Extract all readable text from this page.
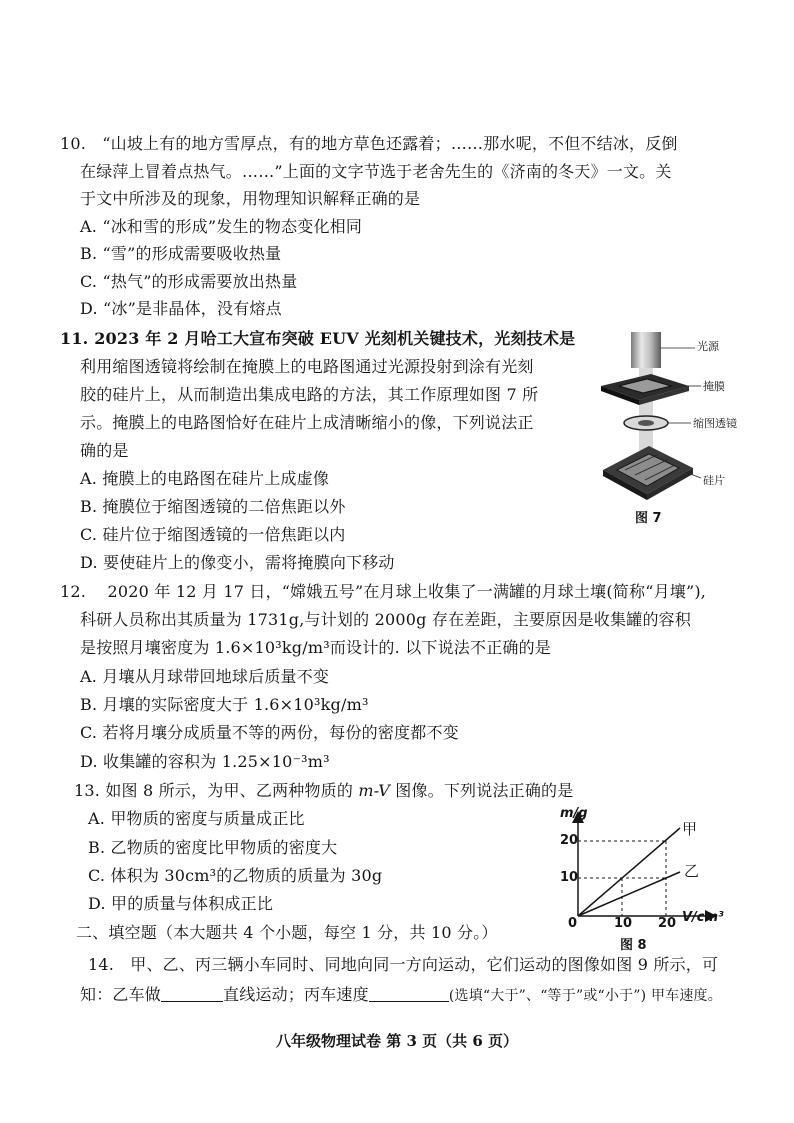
10.　“山坡上有的地方雪厚点，有的地方草色还露着；……那水呢，不但不结冰，反倒
在绿萍上冒着点热气。……”上面的文字节选于老舍先生的《济南的冬天》一文。关
于文中所涉及的现象，用物理知识解释正确的是
A. “冰和雪的形成”发生的物态变化相同
B. “雪”的形成需要吸收热量
C. “热气”的形成需要放出热量
D. “冰”是非晶体，没有熔点
11. 2023 年 2 月哈工大宣布突破 EUV 光刻机关键技术，光刻技术是
利用缩图透镜将绘制在掩膜上的电路图通过光源投射到涂有光刻
胶的硅片上，从而制造出集成电路的方法，其工作原理如图 7 所
示。掩膜上的电路图恰好在硅片上成清晰缩小的像，下列说法正
确的是
A. 掩膜上的电路图在硅片上成虚像
B. 掩膜位于缩图透镜的二倍焦距以外
C. 硅片位于缩图透镜的一倍焦距以内
D. 要使硅片上的像变小，需将掩膜向下移动
光源
掩膜
缩图透镜
硅片
图 7
12.　 2020 年 12 月 17 日，“嫦娥五号”在月球上收集了一满罐的月球土壤(简称“月壤”),
科研人员称出其质量为 1731g,与计划的 2000g 存在差距，主要原因是收集罐的容积
是按照月壤密度为 1.6×10³kg/m³而设计的. 以下说法不正确的是
A. 月壤从月球带回地球后质量不变
B. 月壤的实际密度大于 1.6×10³kg/m³
C. 若将月壤分成质量不等的两份，每份的密度都不变
D. 收集罐的容积为 1.25×10⁻³m³
13. 如图 8 所示，为甲、乙两种物质的 m-V 图像。下列说法正确的是
A. 甲物质的密度与质量成正比
B. 乙物质的密度比甲物质的密度大
C. 体积为 30cm³的乙物质的质量为 30g
D. 甲的质量与体积成正比
m/g
V/cm³
0
10
20
10 20
甲
乙
图 8
二、填空题（本大题共 4 个小题，每空 1 分，共 10 分。）
14.　甲、乙、丙三辆小车同时、同地向同一方向运动，它们运动的图像如图 9 所示，可
知：乙车做	直线运动；丙车速度	(选填“大于”、“等于”或“小于”) 甲车速度。
八年级物理试卷 第 3 页（共 6 页）
